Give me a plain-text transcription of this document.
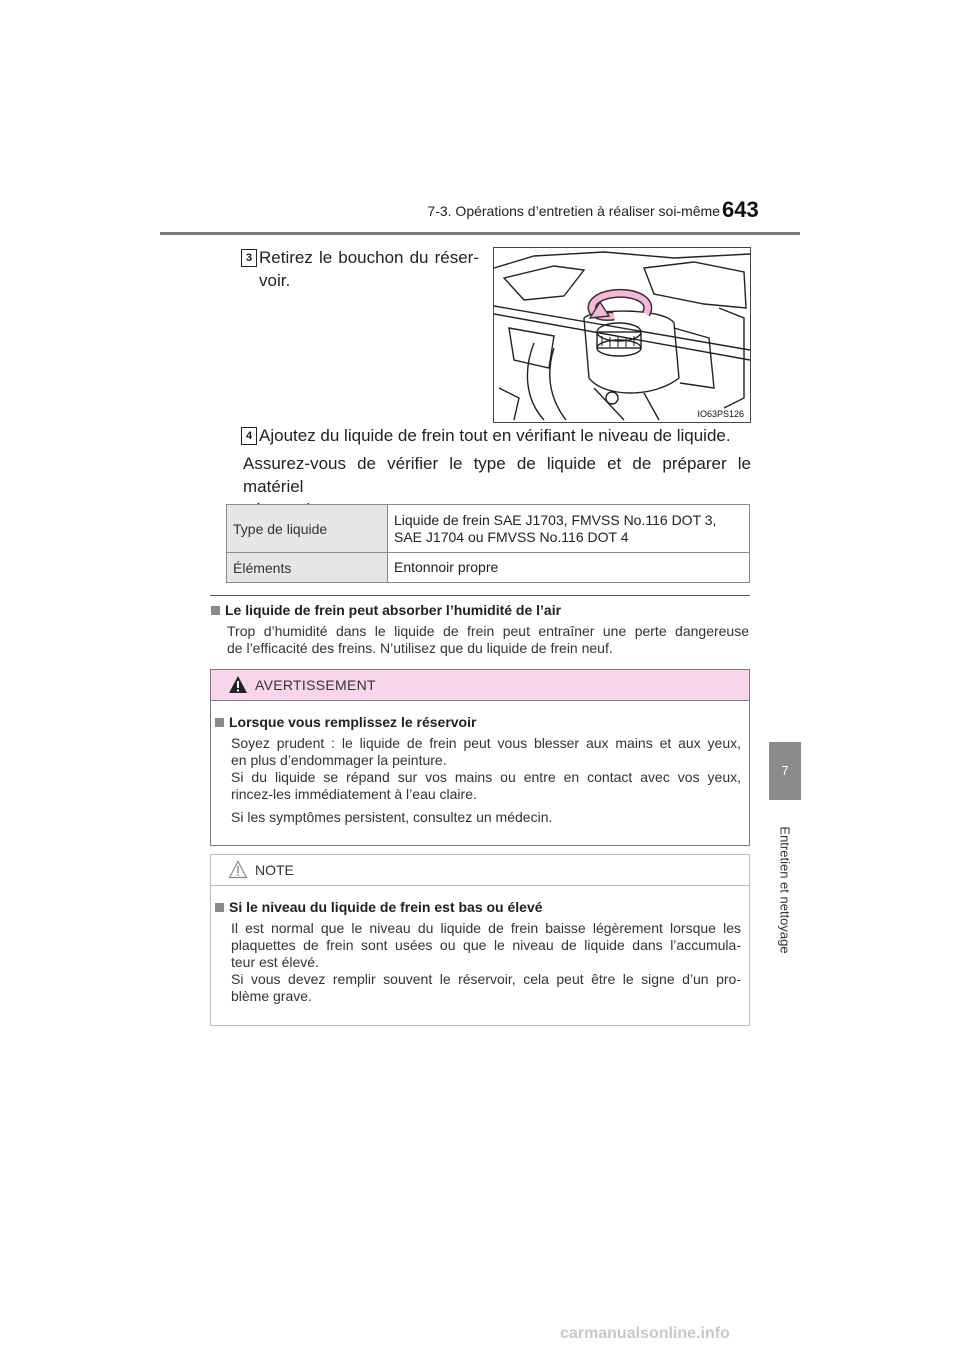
7-3. Opérations d’entretien à réaliser soi-même 643
7
Entretien et nettoyage
3 Retirez le bouchon du réser-
voir.
IO63PS126
4 Ajoutez du liquide de frein tout en vérifiant le niveau de liquide.
Assurez-vous de vérifier le type de liquide et de préparer le matériel
Type de liquide	Liquide de frein SAE J1703, FMVSS No.116 DOT 3,
SAE J1704 ou FMVSS No.116 DOT 4

Éléments	Entonnoir propre
Le liquide de frein peut absorber l’humidité de l’air
Trop d’humidité dans le liquide de frein peut entraîner une perte dangereuse
de l’efficacité des freins. N’utilisez que du liquide de frein neuf.
AVERTISSEMENT
Lorsque vous remplissez le réservoir
Soyez prudent : le liquide de frein peut vous blesser aux mains et aux yeux,
en plus d’endommager la peinture.
Si du liquide se répand sur vos mains ou entre en contact avec vos yeux,
rincez-les immédiatement à l’eau claire.
Si les symptômes persistent, consultez un médecin.
NOTE
Si le niveau du liquide de frein est bas ou élevé
Il est normal que le niveau du liquide de frein baisse légèrement lorsque les
plaquettes de frein sont usées ou que le niveau de liquide dans l’accumula-
teur est élevé.
Si vous devez remplir souvent le réservoir, cela peut être le signe d’un pro-
blème grave.
carmanualsonline.info
